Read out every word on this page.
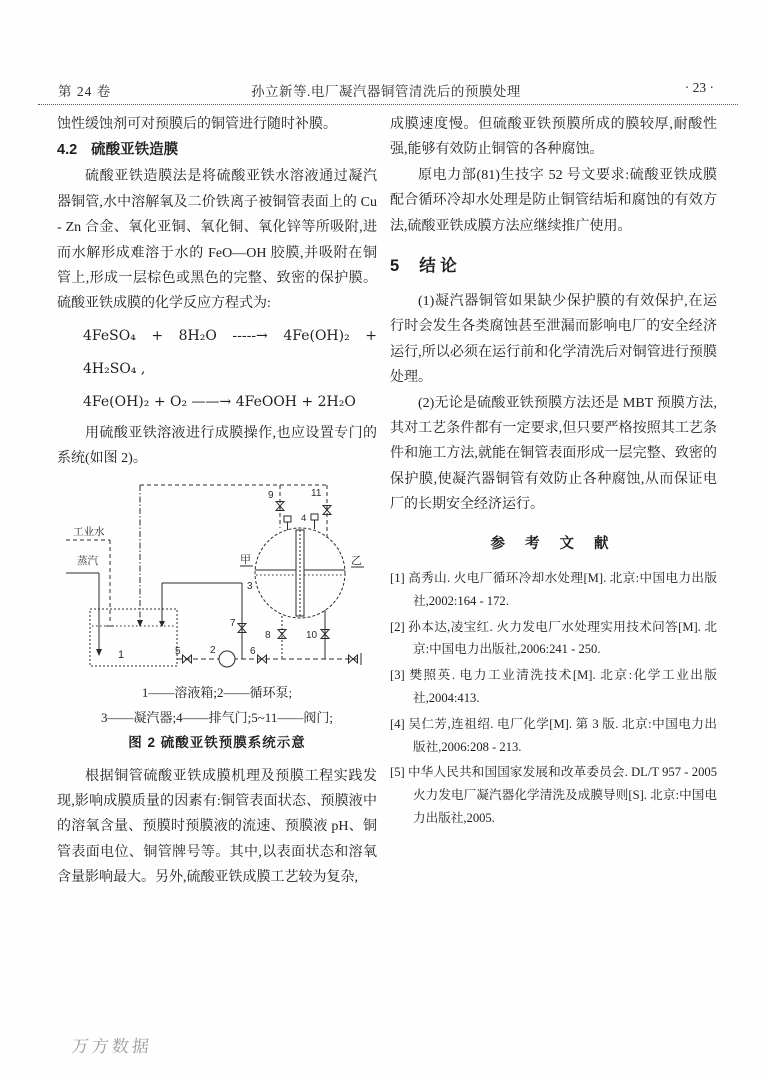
第 24 卷	孙立新等.电厂凝汽器铜管清洗后的预膜处理	· 23 ·

蚀性缓蚀剂可对预膜后的铜管进行随时补膜。

4.2 硫酸亚铁造膜

硫酸亚铁造膜法是将硫酸亚铁水溶液通过凝汽器铜管,水中溶解氧及二价铁离子被铜管表面上的 Cu - Zn 合金、氧化亚铜、氧化铜、氧化锌等所吸附,进而水解形成难溶于水的 FeO—OH 胶膜,并吸附在铜管上,形成一层棕色或黑色的完整、致密的保护膜。硫酸亚铁成膜的化学反应方程式为:

4FeSO₄ + 8H₂O -----→ 4Fe(OH)₂ + 4H₂SO₄ ,
4Fe(OH)₂ + O₂ ——→ 4FeOOH + 2H₂O

用硫酸亚铁溶液进行成膜操作,也应设置专门的系统(如图 2)。

工业水
蒸汽
1	2
3
4
5	6
7
8
9
10
11
甲	乙
1——溶液箱;2——循环泵;
3——凝汽器;4——排气门;5~11——阀门;
图 2 硫酸亚铁预膜系统示意

根据铜管硫酸亚铁成膜机理及预膜工程实践发现,影响成膜质量的因素有:铜管表面状态、预膜液中的溶氧含量、预膜时预膜液的流速、预膜液 pH、铜管表面电位、铜管牌号等。其中,以表面状态和溶氧含量影响最大。另外,硫酸亚铁成膜工艺较为复杂,

成膜速度慢。但硫酸亚铁预膜所成的膜较厚,耐酸性强,能够有效防止铜管的各种腐蚀。

原电力部(81)生技字 52 号文要求:硫酸亚铁成膜配合循环冷却水处理是防止铜管结垢和腐蚀的有效方法,硫酸亚铁成膜方法应继续推广使用。

5 结 论

(1)凝汽器铜管如果缺少保护膜的有效保护,在运行时会发生各类腐蚀甚至泄漏而影响电厂的安全经济运行,所以必须在运行前和化学清洗后对铜管进行预膜处理。

(2)无论是硫酸亚铁预膜方法还是 MBT 预膜方法,其对工艺条件都有一定要求,但只要严格按照其工艺条件和施工方法,就能在铜管表面形成一层完整、致密的保护膜,使凝汽器铜管有效防止各种腐蚀,从而保证电厂的长期安全经济运行。

参 考 文 献
[1] 高秀山. 火电厂循环冷却水处理[M]. 北京:中国电力出版社,2002:164 - 172.
[2] 孙本达,凌宝红. 火力发电厂水处理实用技术问答[M]. 北京:中国电力出版社,2006:241 - 250.
[3] 樊照英. 电力工业清洗技术[M]. 北京:化学工业出版社,2004:413.
[4] 吴仁芳,连祖绍. 电厂化学[M]. 第 3 版. 北京:中国电力出版社,2006:208 - 213.
[5] 中华人民共和国国家发展和改革委员会. DL/T 957 - 2005 火力发电厂凝汽器化学清洗及成膜导则[S]. 北京:中国电力出版社,2005.
万方数据
